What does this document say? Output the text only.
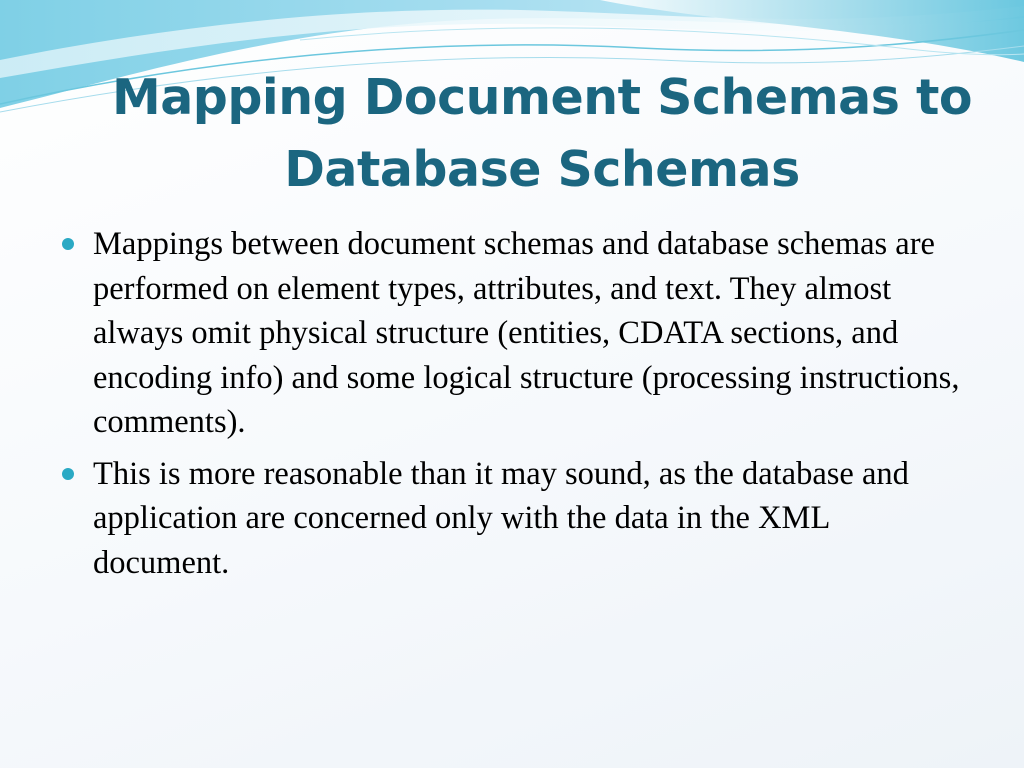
Mapping Document Schemas to
Database Schemas
Mappings between document schemas and database schemas are performed on element types, attributes, and text. They almost always omit physical structure (entities, CDATA sections, and encoding info) and some logical structure (processing instructions, comments).
This is more reasonable than it may sound, as the database and application are concerned only with the data in the XML document.
